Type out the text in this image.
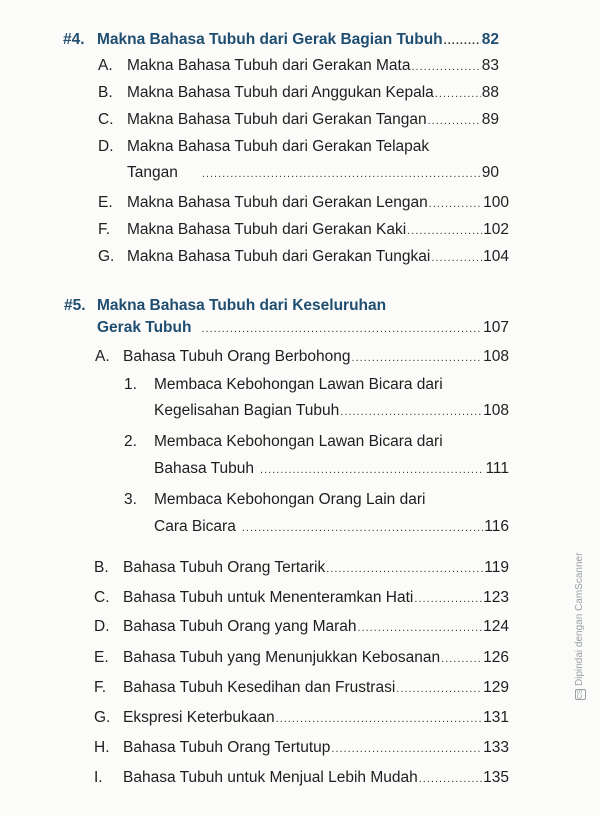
#4. Makna Bahasa Tubuh dari Gerak Bagian Tubuh .....	82
A. Makna Bahasa Tubuh dari Gerakan Mata .....	83
B. Makna Bahasa Tubuh dari Anggukan Kepala .....	88
C. Makna Bahasa Tubuh dari Gerakan Tangan .....	89
D. Makna Bahasa Tubuh dari Gerakan Telapak
Tangan .....	90
E. Makna Bahasa Tubuh dari Gerakan Lengan .....	100
F.	Makna Bahasa Tubuh dari Gerakan Kaki .....	102
G. Makna Bahasa Tubuh dari Gerakan Tungkai .....	104
#5. Makna Bahasa Tubuh dari Keseluruhan
Gerak Tubuh .....	107
A. Bahasa Tubuh Orang Berbohong .....	108
1. Membaca Kebohongan Lawan Bicara dari
Kegelisahan Bagian Tubuh .....	108
2. Membaca Kebohongan Lawan Bicara dari
Bahasa Tubuh .....	111
3. Membaca Kebohongan Orang Lain dari
Cara Bicara .....	116
B. Bahasa Tubuh Orang Tertarik .....	119
C. Bahasa Tubuh untuk Menenteramkan Hati .....	123
D. Bahasa Tubuh Orang yang Marah .....	124
E. Bahasa Tubuh yang Menunjukkan Kebosanan .....	126
F.	Bahasa Tubuh Kesedihan dan Frustrasi .....	129
G. Ekspresi Keterbukaan .....	131
H. Bahasa Tubuh Orang Tertutup .....	133
I.	Bahasa Tubuh untuk Menjual Lebih Mudah .....	135
CSDipindai dengan CamScanner
